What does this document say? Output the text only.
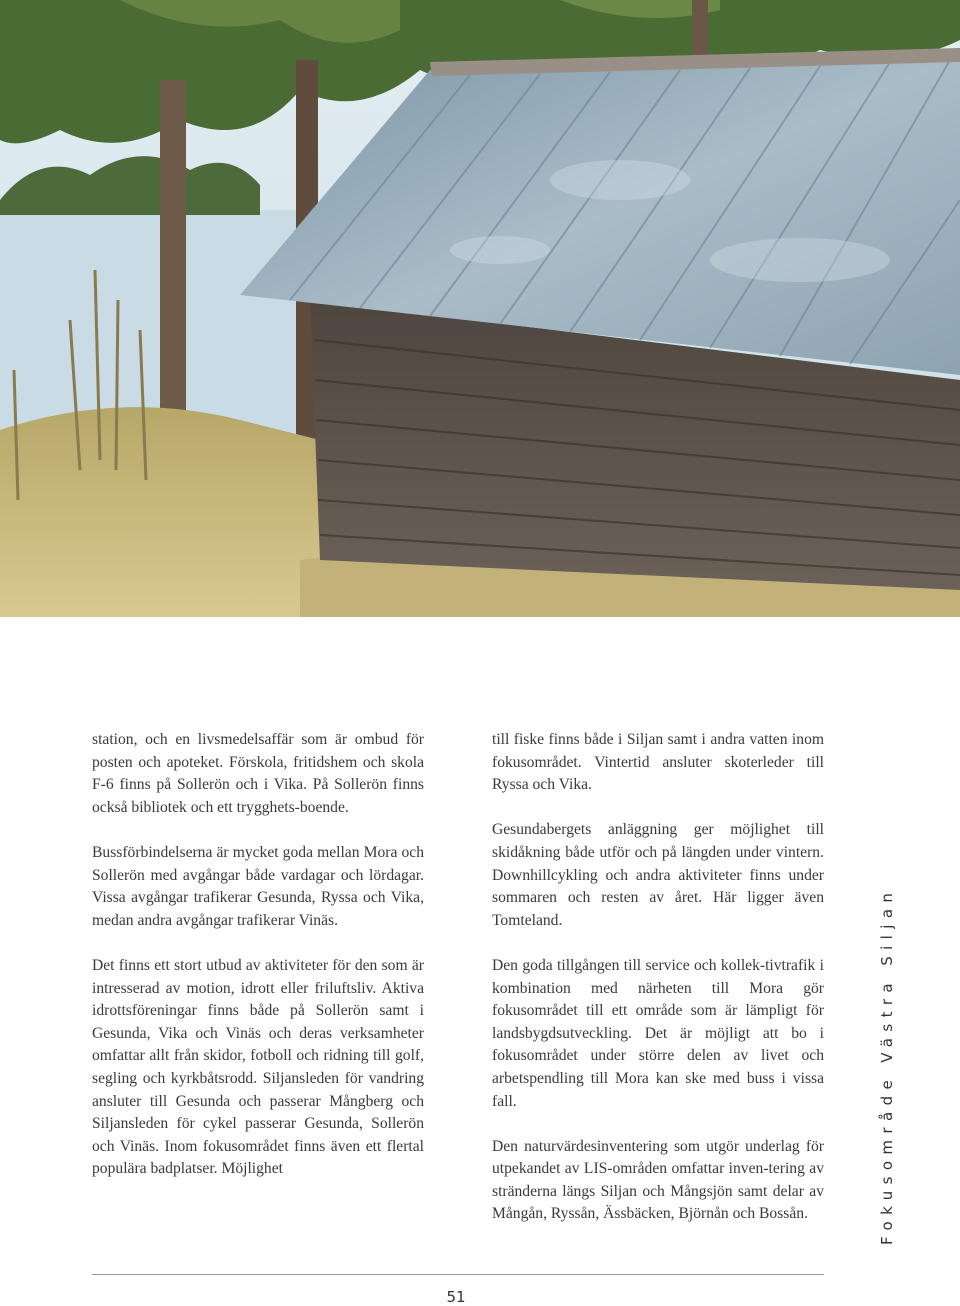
station, och en livsmedelsaffär som är ombud för posten och apoteket. Förskola, fritidshem och skola F-6 finns på Sollerön och i Vika. På Sollerön finns också bibliotek och ett trygghets-boende.

Bussförbindelserna är mycket goda mellan Mora och Sollerön med avgångar både vardagar och lördagar. Vissa avgångar trafikerar Gesunda, Ryssa och Vika, medan andra avgångar trafikerar Vinäs.

Det finns ett stort utbud av aktiviteter för den som är intresserad av motion, idrott eller friluftsliv. Aktiva idrottsföreningar finns både på Sollerön samt i Gesunda, Vika och Vinäs och deras verksamheter omfattar allt från skidor, fotboll och ridning till golf, segling och kyrkbåtsrodd. Siljansleden för vandring ansluter till Gesunda och passerar Mångberg och Siljansleden för cykel passerar Gesunda, Sollerön och Vinäs. Inom fokusområdet finns även ett flertal populära badplatser. Möjlighet

till fiske finns både i Siljan samt i andra vatten inom fokusområdet. Vintertid ansluter skoterleder till Ryssa och Vika.

Gesundabergets anläggning ger möjlighet till skidåkning både utför och på längden under vintern. Downhillcykling och andra aktiviteter finns under sommaren och resten av året. Här ligger även Tomteland.

Den goda tillgången till service och kollek-tivtrafik i kombination med närheten till Mora gör fokusområdet till ett område som är lämpligt för landsbygdsutveckling. Det är möjligt att bo i fokusområdet under större delen av livet och arbetspendling till Mora kan ske med buss i vissa fall.

Den naturvärdesinventering som utgör underlag för utpekandet av LIS-områden omfattar inven-tering av stränderna längs Siljan och Mångsjön samt delar av Mångån, Ryssån, Ässbäcken, Björnån och Bossån.	Fokusområde Västra Siljan
51
